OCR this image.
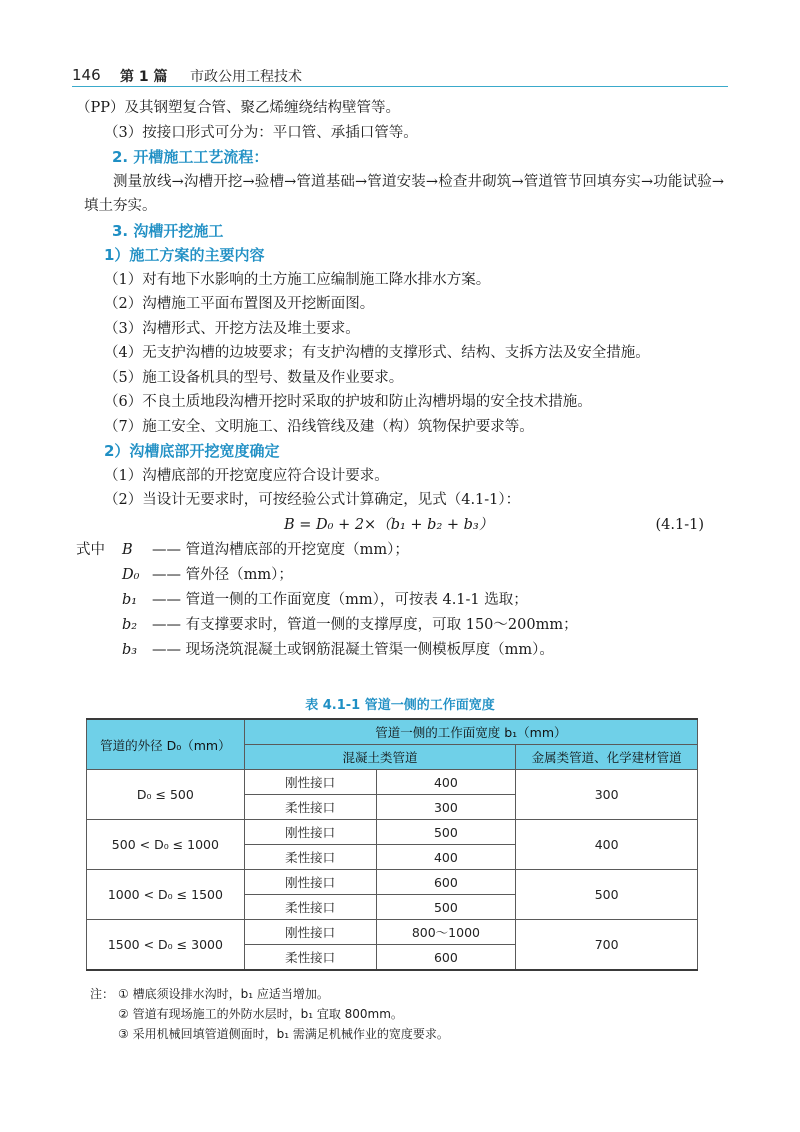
146 第 1 篇 市政公用工程技术

（PP）及其钢塑复合管、聚乙烯缠绕结构壁管等。

（3）按接口形式可分为：平口管、承插口管等。

2. 开槽施工工艺流程：

测量放线→沟槽开挖→验槽→管道基础→管道安装→检查井砌筑→管道管节回填夯实→功能试验→填土夯实。

3. 沟槽开挖施工

1）施工方案的主要内容

（1）对有地下水影响的土方施工应编制施工降水排水方案。

（2）沟槽施工平面布置图及开挖断面图。

（3）沟槽形式、开挖方法及堆土要求。

（4）无支护沟槽的边坡要求；有支护沟槽的支撑形式、结构、支拆方法及安全措施。

（5）施工设备机具的型号、数量及作业要求。

（6）不良土质地段沟槽开挖时采取的护坡和防止沟槽坍塌的安全技术措施。

（7）施工安全、文明施工、沿线管线及建（构）筑物保护要求等。

2）沟槽底部开挖宽度确定

（1）沟槽底部的开挖宽度应符合设计要求。

（2）当设计无要求时，可按经验公式计算确定，见式（4.1-1）：

B = D₀ + 2×（b₁ + b₂ + b₃）	(4.1-1)
式中 B —— 管道沟槽底部的开挖宽度（mm）；
D₀ —— 管外径（mm）；
b₁ —— 管道一侧的工作面宽度（mm），可按表 4.1-1 选取；
b₂ —— 有支撑要求时，管道一侧的支撑厚度，可取 150～200mm；
b₃ —— 现场浇筑混凝土或钢筋混凝土管渠一侧模板厚度（mm）。
表 4.1-1 管道一侧的工作面宽度
管道的外径 D₀（mm）	管道一侧的工作面宽度 b₁（mm）		
	混凝土类管道		金属类管道、化学建材管道
D₀ ≤ 500	刚性接口	400	300
	柔性接口	300	
500 < D₀ ≤ 1000	刚性接口	500	400
	柔性接口	400	
1000 < D₀ ≤ 1500	刚性接口	600	500
	柔性接口	500	
1500 < D₀ ≤ 3000	刚性接口	800～1000	700
	柔性接口	600	
注： ① 槽底须设排水沟时，b₁ 应适当增加。
② 管道有现场施工的外防水层时，b₁ 宜取 800mm。
③ 采用机械回填管道侧面时，b₁ 需满足机械作业的宽度要求。
